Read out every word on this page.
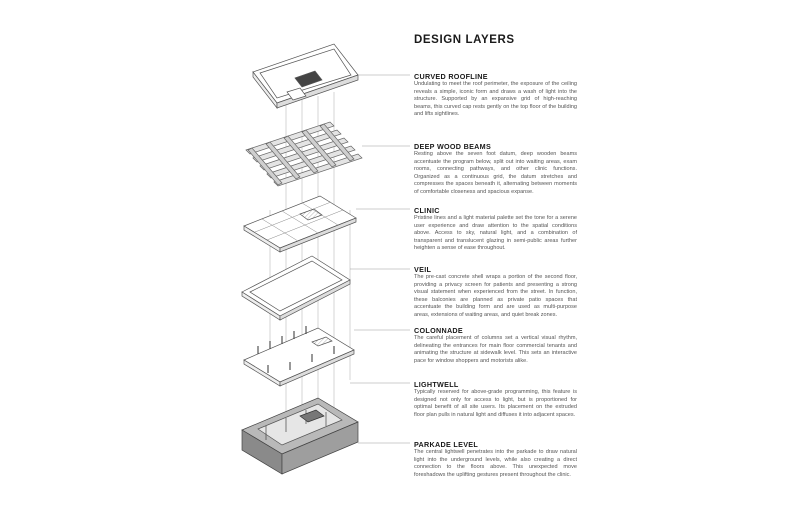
DESIGN LAYERS
CURVED ROOFLINE

Undulating to meet the roof perimeter, the exposure of the ceiling reveals a simple, iconic form and draws a wash of light into the structure. Supported by an expansive grid of high-reaching beams, this curved cap rests gently on the top floor of the building and lifts sightlines.

DEEP WOOD BEAMS

Resting above the seven foot datum, deep wooden beams accentuate the program below, split out into waiting areas, exam rooms, connecting pathways, and other clinic functions. Organized as a continuous grid, the datum stretches and compresses the spaces beneath it, alternating between moments of comfortable closeness and spacious expanse.

CLINIC

Pristine lines and a light material palette set the tone for a serene user experience and draw attention to the spatial conditions above. Access to sky, natural light, and a combination of transparent and translucent glazing in semi-public areas further heighten a sense of ease throughout.

VEIL

The pre-cast concrete shell wraps a portion of the second floor, providing a privacy screen for patients and presenting a strong visual statement when experienced from the street. In function, these balconies are planned as private patio spaces that accentuate the building form and are used as multi-purpose areas, extensions of waiting areas, and quiet break zones.

COLONNADE

The careful placement of columns set a vertical visual rhythm, delineating the entrances for main floor commercial tenants and animating the structure at sidewalk level. This sets an interactive pace for window shoppers and motorists alike.

LIGHTWELL

Typically reserved for above-grade programming, this feature is designed not only for access to light, but is proportioned for optimal benefit of all site users. Its placement on the extruded floor plan pulls in natural light and diffuses it into adjacent spaces.

PARKADE LEVEL

The central lightwell penetrates into the parkade to draw natural light into the underground levels, while also creating a direct connection to the floors above. This unexpected move foreshadows the uplifting gestures present throughout the clinic.
